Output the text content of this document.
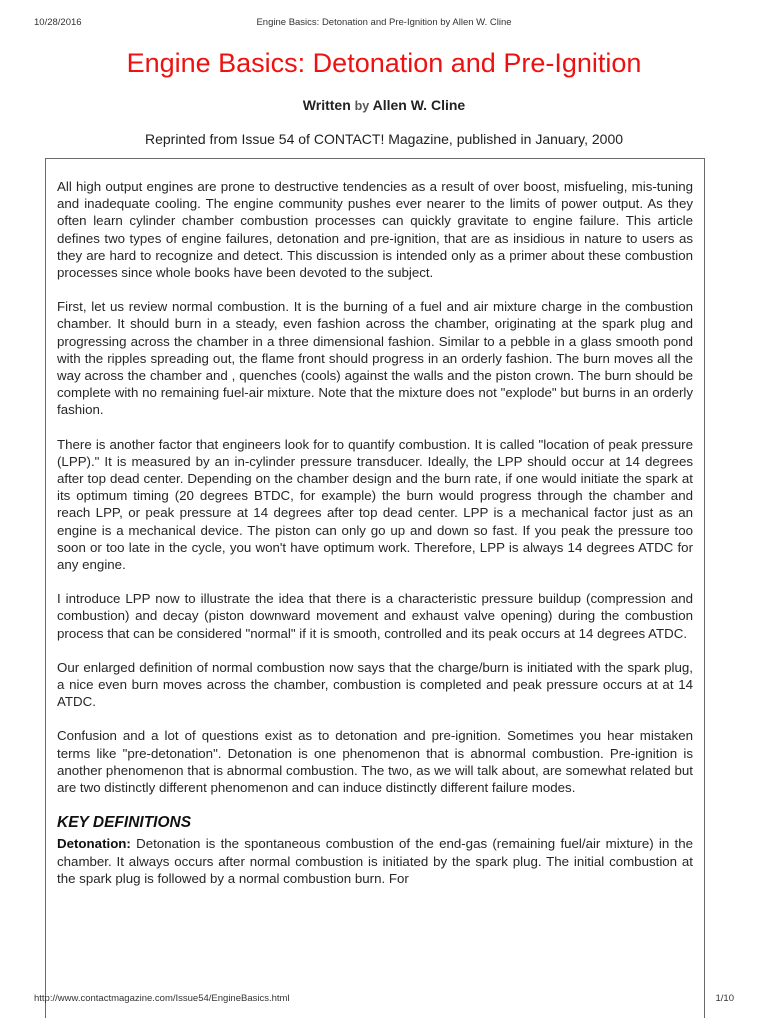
Engine Basics: Detonation and Pre-Ignition by Allen W. Cline
10/28/2016
Engine Basics: Detonation and Pre-Ignition
Written by Allen W. Cline
Reprinted from Issue 54 of CONTACT! Magazine, published in January, 2000

All high output engines are prone to destructive tendencies as a result of over boost, misfueling, mis-tuning and inadequate cooling. The engine community pushes ever nearer to the limits of power output. As they often learn cylinder chamber combustion processes can quickly gravitate to engine failure. This article defines two types of engine failures, detonation and pre-ignition, that are as insidious in nature to users as they are hard to recognize and detect. This discussion is intended only as a primer about these combustion processes since whole books have been devoted to the subject.

First, let us review normal combustion. It is the burning of a fuel and air mixture charge in the combustion chamber. It should burn in a steady, even fashion across the chamber, originating at the spark plug and progressing across the chamber in a three dimensional fashion. Similar to a pebble in a glass smooth pond with the ripples spreading out, the flame front should progress in an orderly fashion. The burn moves all the way across the chamber and , quenches (cools) against the walls and the piston crown. The burn should be complete with no remaining fuel-air mixture. Note that the mixture does not "explode" but burns in an orderly fashion.

There is another factor that engineers look for to quantify combustion. It is called "location of peak pressure (LPP)." It is measured by an in-cylinder pressure transducer. Ideally, the LPP should occur at 14 degrees after top dead center. Depending on the chamber design and the burn rate, if one would initiate the spark at its optimum timing (20 degrees BTDC, for example) the burn would progress through the chamber and reach LPP, or peak pressure at 14 degrees after top dead center. LPP is a mechanical factor just as an engine is a mechanical device. The piston can only go up and down so fast. If you peak the pressure too soon or too late in the cycle, you won't have optimum work. Therefore, LPP is always 14 degrees ATDC for any engine.

I introduce LPP now to illustrate the idea that there is a characteristic pressure buildup (compression and combustion) and decay (piston downward movement and exhaust valve opening) during the combustion process that can be considered "normal" if it is smooth, controlled and its peak occurs at 14 degrees ATDC.

Our enlarged definition of normal combustion now says that the charge/burn is initiated with the spark plug, a nice even burn moves across the chamber, combustion is completed and peak pressure occurs at at 14 ATDC.

Confusion and a lot of questions exist as to detonation and pre-ignition. Sometimes you hear mistaken terms like "pre-detonation". Detonation is one phenomenon that is abnormal combustion. Pre-ignition is another phenomenon that is abnormal combustion. The two, as we will talk about, are somewhat related but are two distinctly different phenomenon and can induce distinctly different failure modes.

KEY DEFINITIONS

Detonation: Detonation is the spontaneous combustion of the end-gas (remaining fuel/air mixture) in the chamber. It always occurs after normal combustion is initiated by the spark plug. The initial combustion at the spark plug is followed by a normal combustion burn. For

http://www.contactmagazine.com/Issue54/EngineBasics.html	1/10
